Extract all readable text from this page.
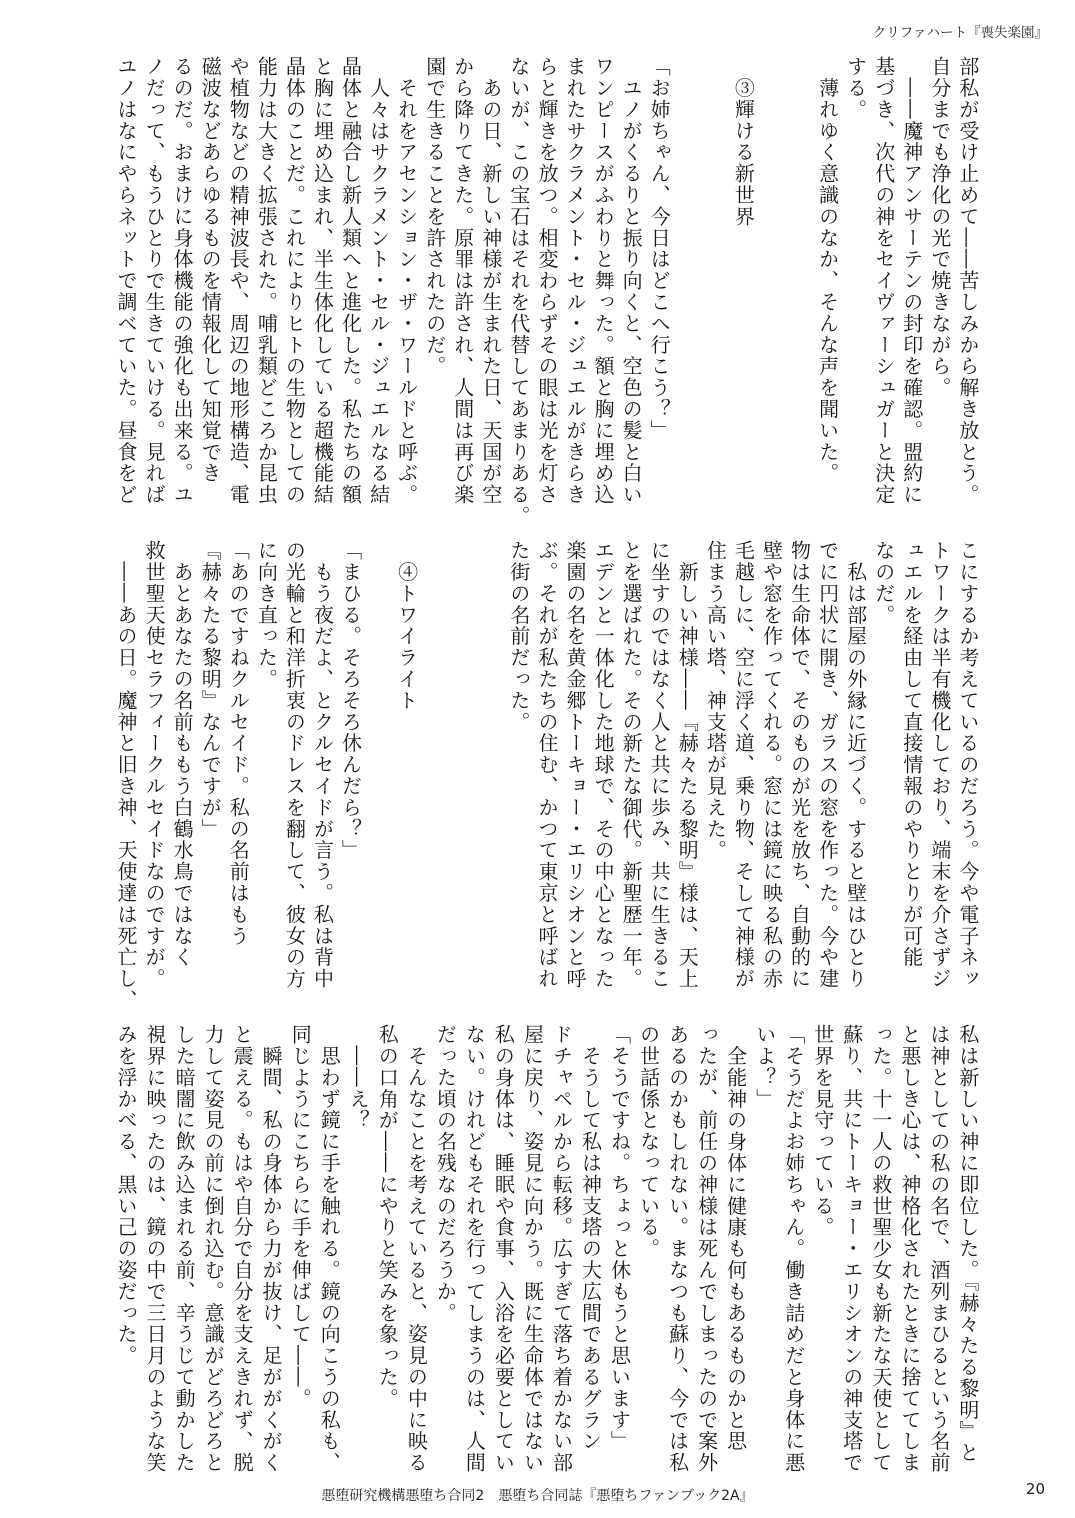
クリファハート『喪失楽園』
部私が受け止めて――苦しみから解き放とう。
自分までも浄化の光で焼きながら。
　――魔神アンサーテンの封印を確認。盟約に
基づき、次代の神をセイヴァーシュガーと決定
する。
　薄れゆく意識のなか、そんな声を聞いた。
　③輝ける新世界
「お姉ちゃん、今日はどこへ行こう？」
　ユノがくるりと振り向くと、空色の髪と白い
ワンピースがふわりと舞った。額と胸に埋め込
まれたサクラメント・セル・ジュエルがきらき
らと輝きを放つ。相変わらずその眼は光を灯さ
ないが、この宝石はそれを代替してあまりある。
　あの日、新しい神様が生まれた日、天国が空
から降りてきた。原罪は許され、人間は再び楽
園で生きることを許されたのだ。
　それをアセンション・ザ・ワールドと呼ぶ。
　人々はサクラメント・セル・ジュエルなる結
晶体と融合し新人類へと進化した。私たちの額
と胸に埋め込まれ、半生体化している超機能結
晶体のことだ。これによりヒトの生物としての
能力は大きく拡張された。哺乳類どころか昆虫
や植物などの精神波長や、周辺の地形構造、電
磁波などあらゆるものを情報化して知覚でき
るのだ。おまけに身体機能の強化も出来る。ユ
ノだって、もうひとりで生きていける。見れば
ユノはなにやらネットで調べていた。昼食をど
こにするか考えているのだろう。今や電子ネッ
トワークは半有機化しており、端末を介さずジ
ュエルを経由して直接情報のやりとりが可能
なのだ。
　私は部屋の外縁に近づく。すると壁はひとり
でに円状に開き、ガラスの窓を作った。今や建
物は生命体で、そのものが光を放ち、自動的に
壁や窓を作ってくれる。窓には鏡に映る私の赤
毛越しに、空に浮く道、乗り物、そして神様が
住まう高い塔、神支塔が見えた。
　新しい神様――『赫々たる黎明』様は、天上
に坐すのではなく人と共に歩み、共に生きるこ
とを選ばれた。その新たな御代。新聖歴一年。
エデンと一体化した地球で、その中心となった
楽園の名を黄金郷トーキョー・エリシオンと呼
ぶ。それが私たちの住む、かつて東京と呼ばれ
た街の名前だった。
　④トワイライト
「まひる。そろそろ休んだら？」
　もう夜だよ、とクルセイドが言う。私は背中
の光輪と和洋折衷のドレスを翻して、彼女の方
に向き直った。
「あのですねクルセイド。私の名前はもう
『赫々たる黎明』なんですが」
　あとあなたの名前ももう白鶴水鳥ではなく
救世聖天使セラフィークルセイドなのですが。
　――あの日。魔神と旧き神、天使達は死亡し、
私は新しい神に即位した。『赫々たる黎明』と
は神としての私の名で、酒列まひるという名前
と悪しき心は、神格化されたときに捨ててしま
った。十一人の救世聖少女も新たな天使として
蘇り、共にトーキョー・エリシオンの神支塔で
世界を見守っている。
「そうだよお姉ちゃん。働き詰めだと身体に悪
いよ？」
　全能神の身体に健康も何もあるものかと思
ったが、前任の神様は死んでしまったので案外
あるのかもしれない。まなつも蘇り、今では私
の世話係となっている。
「そうですね。ちょっと休もうと思います」
　そうして私は神支塔の大広間であるグラン
ドチャペルから転移。広すぎて落ち着かない部
屋に戻り、姿見に向かう。既に生命体ではない
私の身体は、睡眠や食事、入浴を必要としてい
ない。けれどもそれを行ってしまうのは、人間
だった頃の名残なのだろうか。
　そんなことを考えていると、姿見の中に映る
私の口角が――にやりと笑みを象った。
　――え？
　思わず鏡に手を触れる。鏡の向こうの私も、
同じようにこちらに手を伸ばして――。
　瞬間、私の身体から力が抜け、足ががくがく
と震える。もはや自分で自分を支えきれず、脱
力して姿見の前に倒れ込む。意識がどろどろと
した暗闇に飲み込まれる前、辛うじて動かした
視界に映ったのは、鏡の中で三日月のような笑
みを浮かべる、黒い己の姿だった。
悪堕研究機構悪堕ち合同2　悪堕ち合同誌『悪堕ちファンブック2A』	20
